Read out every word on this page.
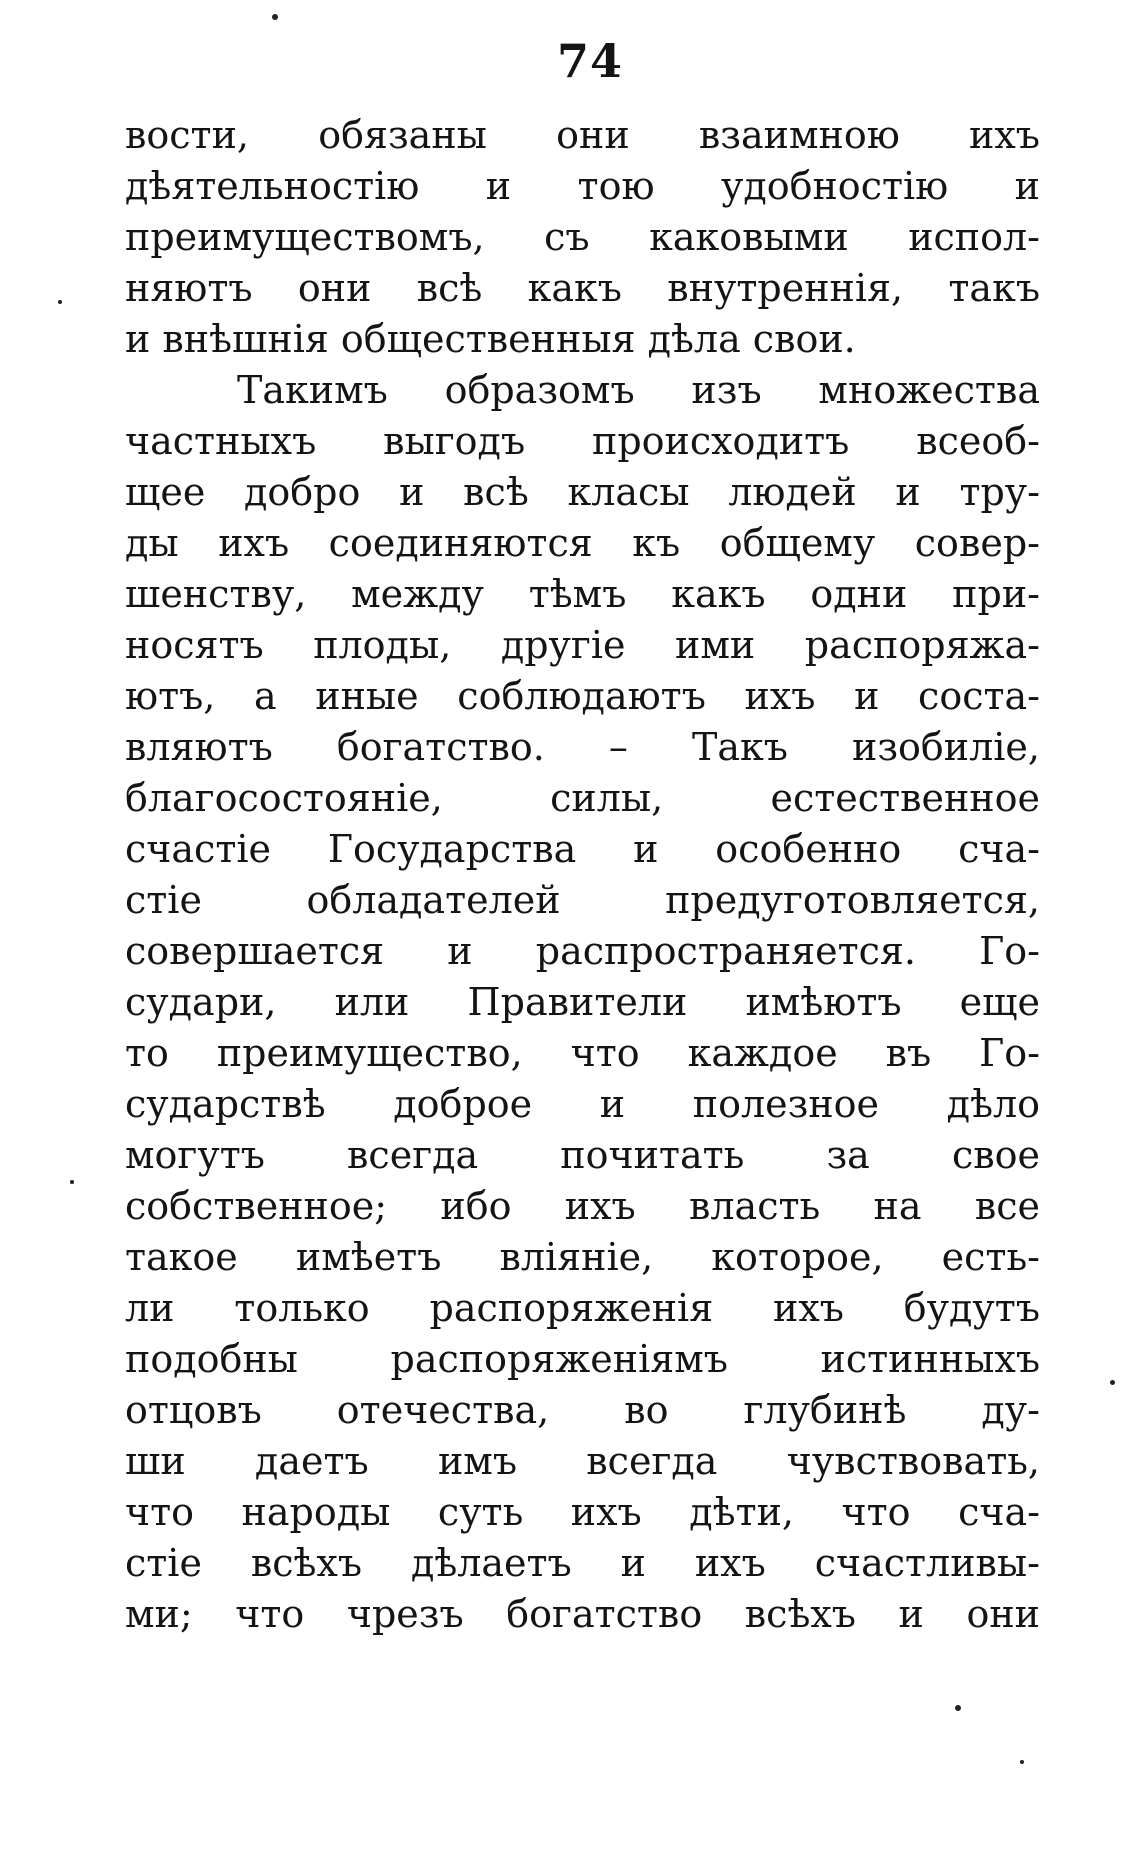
74
вости, обязаны они взаимною ихъ
дѣятельностію и тою удобностію и
преимуществомъ, съ каковыми испол-
няютъ они всѣ какъ внутреннія, такъ
и внѣшнія общественныя дѣла свои.
Такимъ образомъ изъ множества
частныхъ выгодъ происходитъ всеоб-
щее добро и всѣ класы людей и тру-
ды ихъ соединяются къ общему совер-
шенству, между тѣмъ какъ одни при-
носятъ плоды, другіе ими распоряжа-
ютъ, а иные соблюдаютъ ихъ и соста-
вляютъ богатство. – Такъ изобиліе,
благосостояніе, силы, естественное
счастіе Государства и особенно сча-
стіе обладателей предуготовляется,
совершается и распространяется. Го-
судари, или Правители имѣютъ еще
то преимущество, что каждое въ Го-
сударствѣ доброе и полезное дѣло
могутъ всегда почитать за свое
собственное; ибо ихъ власть на все
такое имѣетъ вліяніе, которое, есть-
ли только распоряженія ихъ будутъ
подобны распоряженіямъ истинныхъ
отцовъ отечества, во глубинѣ ду-
ши даетъ имъ всегда чувствовать,
что народы суть ихъ дѣти, что сча-
стіе всѣхъ дѣлаетъ и ихъ счастливы-
ми; что чрезъ богатство всѣхъ и они
